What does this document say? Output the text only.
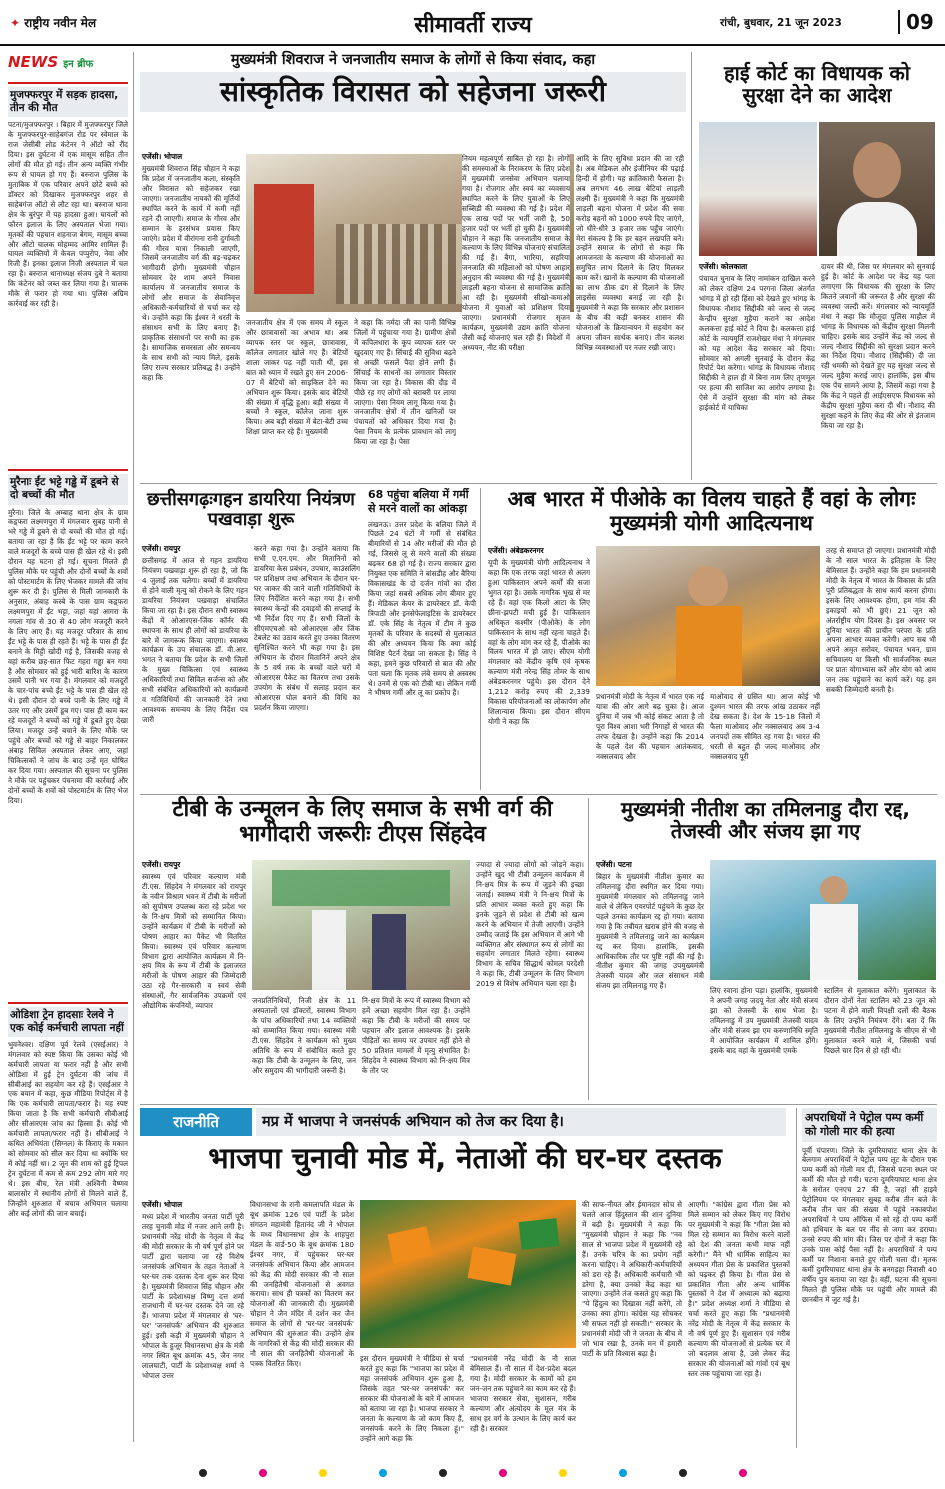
✦ राष्ट्रीय नवीन मेल	सीमावर्ती राज्य	रांची, बुधवार, 21 जून 2023	09
NEWS इन ब्रीफ
मुजफ्फरपुर में सड़क हादसा, तीन की मौत
पटना/मुजफ्फरपुर । बिहार में मुजफ्फरपुर जिले के मुजफ्फरपुर-साहेबगंज रोड पर स्वेमाल के राज जेसीबी लोड कंटेनर ने ऑटो को रौंद दिया। इस दुर्घटना में एक मासूम सहित तीन लोगों की मौत हो गई। तीन अन्य व्यक्ति गंभीर रूप से घायल हो गए हैं। बरुराज पुलिस के मुताबिक में एक परिवार अपने छोटे बच्चे को डॉक्टर को दिखाकर मुजफ्फरपुर शहर से साहेबगंज ऑटो से लौट रहा था। बरुराज थाना क्षेत्र के बुरंपुर में यह हादसा हुआ। घायलों को फौरन इलाज के लिए अस्पताल भेजा गया। मृतकों की पहचान शहनाज बेगम, मासूम बच्चा और ऑटो चालक मोहम्मद आमिर शामिल हैं। घायल व्यक्तियों में केवल पप्पुरोप, नेवा और रिजी हैं। इनका इलाज निजी अस्पताल में चल रहा है। बरुराज थानाध्यक्ष संजय दुबे ने बताया कि कंटेनर को जब्त कर लिया गया है। चालक मौके से फरार हो गया था। पुलिस अग्रिम कार्रवाई कर रही है।
मुरैनाः ईंट भट्टे गड्ढे में डूबने से दो बच्चों की मौत
मुरैना। जिले के अम्बाह थाना क्षेत्र के ग्राम कड़्फरा लक्ष्मणपुरा में मंगलवार सुबह पानी से भरे गड्ढे में डूबने से दो बच्चों की मौत हो गई। बताया जा रहा है कि ईंट भट्टे पर काम करने वाले मजदूरों के बच्चे पास ही खेल रहे थे। इसी दौरान यह घटना हो गई। सूचना मिलते ही पुलिस मौके पर पहुंची और दोनों बच्चों के शवों को पोस्टमार्टम के लिए भेजकर मामले की जांच शुरू कर दी है। पुलिस से मिली जानकारी के अनुसार, अंबाह कस्बे के पास ग्राम कड़्फरा लक्ष्मणपुरा में ईंट भट्टा, जहां यहां आगरा के नगला गांव से 30 से 40 लोग मजदूरी करने के लिए आए हैं। यह मजदूर परिवार के साथ ईंट भट्टे के पास ही रहते हैं। भट्टे के पास ही ईंट बनाने के मिट्टी खोदी गई है, जिसकी वजह से वहां करीब छह-सात फिट गहरा गड्ढा बन गया है और सोमवार को हुई भारी बारिश के कारण उसमें पानी भर गया है। मंगलवार को मजदूरों के चार-पांच बच्चे ईंट भट्टे के पास ही खेल रहे थे। इसी दौरान दो बच्चे पानी के लिए गड्ढे में उतर गए और उसमें डूब गए। पास ही काम कर रहे मजदूरों ने बच्चों को गड्ढे में डूबते हुए देखा लिया। मजदूर उन्हें बचाने के लिए मौके पर पहुंचे और बच्चों को गड्ढे से बाहर निकालकर अंबाह सिविल अस्पताल लेकर आए, जहां चिकित्सकों ने जांच के बाद उन्हें मृत घोषित कर दिया गया। अस्पताल की सूचना पर पुलिस ने मौके पर पहुंचकर पंचनामा की कार्रवाई और दोनों बच्चों के शवों को पोस्टमार्टम के लिए भेज दिया।
ओडिशा ट्रेन हादसाः रेलवे ने एक कोई कर्मचारी लापता नहीं
भुवनेश्वर। दक्षिण पूर्व रेलवे (एसईआर) ने मंगलवार को स्पष्ट किया कि उसका कोई भी कर्मचारी लापता या फरार नहीं है और सभी ओडिशा में हुई ट्रेन दुर्घटना की जांच में सीबीआई का सहयोग कर रहे हैं। एसईआर ने एक बयान में कहा, कुछ मीडिया रिपोर्ट्स में है कि एक कर्मचारी लापता/फरार है। यह स्पष्ट किया जाता है कि सभी कर्मचारी सीबीआई और सीआरएस जांच का हिस्सा हैं। कोई भी कर्मचारी लापता/फरार नहीं है। सीबीआई ने कथित अभियंता (सिग्नल) के किराए के मकान को सोमवार को सील कर दिया था क्योंकि घर में कोई नहीं था। 2 जून की शाम को हुई ट्रिपल ट्रेन दुर्घटना में कम से कम 292 लोग मारे गए थे। इस बीच, रेल मंत्री अश्विनी वैष्णव बालासोर में स्थानीय लोगों से मिलने वाले हैं, जिन्होंने शुरुआत में बचाव अभियान चलाया और कई लोगों की जान बचाई।
मुख्यमंत्री शिवराज ने जनजातीय समाज के लोगों से किया संवाद, कहा
सांस्कृतिक विरासत को सहेजना जरूरी
एजेंसी। भोपाल
मुख्यमंत्री शिवराज सिंह चौहान ने कहा कि प्रदेश में जनजातीय कला, संस्कृति और विरासत को सहेजकर रखा जाएगा। जनजातीय नायकों की मूर्तियों स्थापित करने के कार्य में कमी नहीं रहने दी जाएगी। समाज के गौरव और सम्मान के हरसंभव प्रयास किए जाएंगे। प्रदेश में वीरांगना रानी दुर्गावती की गौरव यात्रा निकाली जाएगी, जिसमें जनजातीय वर्ग की बड़-चढ़कर भागीदारी होगी। मुख्यमंत्री चौहान सोमवार देर शाम अपने निवास कार्यालय में जनजातीय समाज के लोगों और समाज के सेवानिवृत्त अधिकारी-कर्मचारियों से चर्चा कर रहे थे। उन्होंने कहा कि ईश्वर ने धरती के संसाधन सभी के लिए बनाए हैं। प्राकृतिक संसाधनों पर सभी का हक है। सामाजिक समरसता और समन्वय के साथ सभी को न्याय मिले, इसके लिए राज्य सरकार प्रतिबद्ध है। उन्होंने कहा कि
जनजातीय क्षेत्र में एक समय में स्कूल और छात्रावासों का अभाव था। अब व्यापक स्तर पर स्कूल, छात्रावास, कॉलेज लगातार खोले गए हैं। बेटियों शाला जाकर पढ़ नहीं पाती थीं, इस बात को ध्यान में रखते हुए सन 2006-07 में बेटियों को साइकिल देने का अभियान शुरू किया। इसके बाद बेटियों की संख्या में वृद्धि हुआ। बड़ी संख्या में बच्चों ने स्कूल, कॉलेज जाना शुरू किया। अब बड़ी संख्या में बेटा-बेटी उच्च शिक्षा प्राप्त कर रहे हैं। मुख्यमंत्री
ने कहा कि नर्मदा जी का पानी विभिन्न जिलों में पहुंचाया गया है। ग्रामीण क्षेत्रों में कपिलधारा के कूप व्यापक स्तर पर खुदवाए गए हैं। सिंचाई की सुविधा बढ़ने से अच्छी फसलें पैदा होने लगी हैं। सिंचाई के साधनों का लगातार विस्तार किया जा रहा है। विकास की दौड़ में पीछे रह गए लोगों को बराबरी पर लाया जाएगा। पेसा नियम लागू किया गया है। जनजातीय क्षेत्रों में तीन खनिजों पर पंचायतों को अधिकार दिया गया है। पेसा नियम के प्रत्येक प्रावधान को लागू किया जा रहा है। पेसा
नियम महत्वपूर्ण साबित हो रहा है। लोगों की समस्याओं के निराकरण के लिए प्रदेश में मुख्यमंत्री जनसेवा अभियान चलाया गया है। रोजगार और स्वयं का व्यवसाय स्थापित करने के लिए युवाओं के लिए सब्सिडी की व्यवस्था की गई है। प्रदेश में एक लाख पदों पर भर्ती जारी है, 50 हजार पदों पर भर्ती हो चुकी है। मुख्यमंत्री चौहान ने कहा कि जनजातीय समाज के कल्याण के लिए विभिन्न योजनाएं संचालित की गई हैं। बैगा, भारिया, सहरिया जनजाति की महिलाओं को पोषण आहार अनुदान की व्यवस्था की गई है। मुख्यमंत्री लाड़ली बहना योजना से सामाजिक क्रांति आ रही है। मुख्यमंत्री सीखो-कमाओ योजना में युवाओं को प्रशिक्षण दिया जाएगा। प्रधानमंत्री रोजगार सृजन कार्यक्रम, मुख्यमंत्री उद्यम क्रांति योजना जैसी कई योजनाएं चल रही हैं। विदेशों में अध्ययन, नीट की परीक्षा
आदि के लिए सुविधा प्रदान की जा रही है। अब मेडिकल और इंजीनियर की पढ़ाई हिन्दी में होगी। यह क्रांतिकारी फैसला है। अब लगभग 46 लाख बेटियां लाड़ली लक्ष्मी हैं। मुख्यमंत्री ने कहा कि मुख्यमंत्री लाड़ली बहना योजना में प्रदेश की सवा करोड़ बहनों को 1000 रुपये दिए जाएंगे, जो धीरे-धीरे 3 हजार तक पहुँच जाएंगे। मेरा संकल्प है कि हर बहन लखपति बने। उन्होंने समाज के लोगों से कहा कि आमजनता के कल्याण की योजनाओं का समुचित लाभ दिलाने के लिए मिलकर काम करें। खानों के कल्याण की योजनाओं का लाभ ठीक ढंग से दिलाने के लिए लाइसेंस व्यवस्था बनाई जा रही है। मुख्यमंत्री ने कहा कि सरकार और प्रशासन के बीच की कड़ी बनकर शासन की योजनाओं के क्रियान्वयन में सहयोग कर अपना जीवन सार्थक बनाएं। तीन कलश विभिन्न व्यवस्थाओं पर नजर रखी जाए।
हाई कोर्ट का विधायक को सुरक्षा देने का आदेश
एजेंसी। कोलकाता
पंचायत चुनाव के लिए नामांकन दाखिल करने को लेकर दक्षिण 24 परगना जिला अंतर्गत भांगड़ में हो रही हिंसा को देखते हुए भांगड़ के विधायक नौशाद सिद्दीकी को जल्द से जल्द केन्द्रीय सुरक्षा मुहैया कराने का आदेश कलकत्ता हाई कोर्ट ने दिया है। कलकत्ता हाई कोर्ट के न्यायमूर्ति राजशेखर मंथा ने मंगलवार को यह आदेश केंद्र सरकार को दिया। सोमवार को अगली सुनवाई के दौरान केंद्र रिपोर्ट पेश करेगा। भांगड़ के विधायक नौशाद सिद्दीकी ने हाल ही में बिना नाम लिए तृणमूल पर हत्या की साजिश का आरोप लगाया है। ऐसे में उन्होंने सुरक्षा की मांग को लेकर हाईकोर्ट में याचिका
दायर की थी, जिस पर मंगलवार को सुनवाई हुई है। कोर्ट के आदेश पर केंद्र यह पता लगाएगा कि विधायक की सुरक्षा के लिए कितने जवानों की जरूरत है और सुरक्षा की व्यवस्था जल्दी करें। मंगलवार को न्यायमूर्ति मंथा ने कहा कि मौजूदा पुलिस माहौल में भांगड़ के विधायक को केंद्रीय सुरक्षा मिलनी चाहिए। इसके बाद उन्होंने केंद्र को जल्द से जल्द नौशाद सिद्दीकी को सुरक्षा प्रदान करने का निर्देश दिया। नौशाद (सिद्दीकी) दी जा रही धमकी को देखते हुए यह सुरक्षा जल्द से जल्द मुहैया कराई जाए। हालांकि, इस बीच एक पेंच सामने आया है, जिसमें कहा गया है कि केंद्र ने पहले ही आईएसएफ विधायक को केंद्रीय सुरक्षा मुहैया करा दी थी। नौशाद की सुरक्षा कहने के लिए केंद्र की ओर से इंतजाम किया जा रहा है।
छत्तीसगढ़ःगहन डायरिया नियंत्रण पखवाड़ा शुरू
एजेंसी। रायपुर
छत्तीसगढ़ में आज से गहन डायरिया नियंत्रण पखवाड़ा शुरू हो रहा है, जो कि 4 जुलाई तक चलेगा। बच्चों में डायरिया से होने वाली मृत्यु को रोकने के लिए गहन डायरिया नियंत्रण पखवाड़ा संचालित किया जा रहा है। इस दौरान सभी स्वास्थ्य केंद्रों में ओआरएस-जिंक कॉर्नर की स्थापना के साथ ही लोगों को डायरिया के बारे में जागरूक किया जाएगा। स्वास्थ्य कार्यक्रम के उप संचालक डॉ. वी.आर. भगत ने बताया कि प्रदेश के सभी जिलों के मुख्य चिकित्सा एवं स्वास्थ्य अधिकारियों तथा सिविल सर्जन्स को और सभी संबंधित अधिकारियों को कार्यक्रमों व गतिविधियों की जानकारी देने तथा आवश्यक समन्वय के लिए निर्देश पत्र जारी
करने कहा गया है। उन्होंने बताया कि सभी ए.एन.एम. और मितानिनों को डायरिया केस प्रबंधन, उपचार, काउंसलिंग पर प्रशिक्षण तथा अभियान के दौरान घर-घर जाकर की जाने वाली गतिविधियों के लिए निर्देशित करने कहा गया है। सभी स्वास्थ्य केन्द्रों की दवाइयों की सप्लाई के भी निर्देश दिए गए हैं। सभी जिलों के सीएमएचओ को ओआरएस और जिंक टेबलेट का उठाव करते हुए उनका वितरण सुनिश्चित करने भी कहा गया है। इस अभियान के दौरान मितानिनें अपने क्षेत्र के 5 वर्ष तक के बच्चों वाले घरों में ओआरएस पैकेट का वितरण तथा उसके उपयोग के संबंध में सलाह प्रदान कर ओआरएस घोल बनाने की विधि का प्रदर्शन किया जाएगा।
68 पहुंचा बलिया में गर्मी से मरने वालों का आंकड़ा
लखनऊ। उत्तर प्रदेश के बलिया जिले में पिछले 24 घंटों में गर्मी से संबंधित बीमारियों से 14 और मरीजों की मौत हो गई, जिससे लू से मरने वालों की संख्या बढ़कर 68 हो गई है। राज्य सरकार द्वारा नियुक्त एक समिति ने बांसडीह और बैरिया विकासखंड के दो दर्जन गांवों का दौरा किया जहां सबसे अधिक लोग बीमार हुए हैं। मेडिकल केयर के डायरेक्टर डॉ. केपी त्रिपाठी और इनसेफेलाइटिस के डायरेक्टर डॉ. एके सिंह के नेतृत्व में टीम ने कुछ मृतकों के परिवार के सदस्यों से मुलाकात की और अध्ययन किया कि क्या कोई विशिष्ट पैटर्न देखा जा सकता है। सिंह ने कहा, हमने कुछ परिवारों से बात की और पता चला कि मृतक लंबे समय से अस्वस्थ थे। उनमें से एक को टीबी था। लेकिन गर्मी ने भीषण गर्मी और लू का प्रकोप है।
अब भारत में पीओके का विलय चाहते हैं वहां के लोगः मुख्यमंत्री योगी आदित्यनाथ
एजेंसी। अंबेडकरनगर
यूपी के मुख्यमंत्री योगी आदित्यनाथ ने कहा कि एक तरफ जहां भारत से अलग हुआ पाकिस्तान अपने कर्मों की सजा भुगत रहा है। उसके नागरिक भूख से मर रहे हैं। वहां एक किलो आटा के लिए छीना-झपटी मची हुई है। पाकिस्तान अधिकृत कश्मीर (पीओके) के लोग पाकिस्तान के साथ नहीं रहना चाहते हैं। वहां के लोग मांग कर रहे हैं, पीओके का विलय भारत में हो जाए। सीएम योगी मंगलवार को केंद्रीय कृषि एवं कृषक कल्याण मंत्री नरेन्द्र सिंह तोमर के साथ अंबेडकरनगर पहुंचे। इस दौरान देने 1,212 करोड़ रुपए की 2,339 विकास परियोजनाओं का लोकार्पण और शिलान्यास किया। इस दौरान सीएम योगी ने कहा कि
प्रधानमंत्री मोदी के नेतृत्व में भारत एक नई यात्रा की ओर आगे बढ़ चुका है। आज दुनिया में जब भी कोई संकट आता है तो पूरा विश्व आशा भरी निगाहों से भारत की तरफ देखता है। उन्होंने कहा कि 2014 के पहले देश की पहचान आतंकवाद, नक्सलवाद और
माओवाद से ग्रसित था। आज कोई भी दुश्मन भारत की तरफ आंख उठाकर नहीं देख सकता है। देश के 15-18 जिलों में फैला माओवाद और नक्सलवाद अब 3-4 जनपदों तक सीमित रह गया है। भारत की धरती से बहुत ही जल्द माओवाद और नक्सलवाद पूरी
तरह से समाप्त हो जाएगा। प्रधानमंत्री मोदी के नौ साल भारत के इतिहास के लिए बेमिसाल हैं। उन्होंने कहा कि हम प्रधानमंत्री मोदी के नेतृत्व में भारत के विकास के प्रति पूरी प्रतिबद्धता के साथ कार्य करना होगा। इसके लिए आवश्यक होगा, हम गांव की इकाइयों को भी छुएं। 21 जून को अंतर्राष्ट्रीय योग दिवस है। इस अवसर पर दुनिया भारत की प्राचीन परंपरा के प्रति अपना आभार व्यक्त करेगी। आप सब भी अपने अमृत सरोवर, पंचायत भवन, ग्राम सचिवालय या किसी भी सार्वजनिक स्थल पर प्रातः योगाभ्यास करें और योग को आम जन तक पहुंचाने का कार्य करें। यह हम सबकी जिम्मेदारी बनती है।
टीबी के उन्मूलन के लिए समाज के सभी वर्ग की भागीदारी जरूरीः टीएस सिंहदेव
एजेंसी। रायपुर
स्वास्थ्य एवं परिवार कल्याण मंत्री टी.एस. सिंहदेव ने मंगलवार को रायपुर के नवीन विश्राम भवन में टीबी के मरीजों को सुपोषण उपलब्ध करा रहे प्रदेश भर के नि-क्षय मित्रों को सम्मानित किया। उन्होंने कार्यक्रम में टीबी के मरीजों को पोषण आहार का पैकेट भी वितरित किया। स्वास्थ्य एवं परिवार कल्याण विभाग द्वारा आयोजित कार्यक्रम में नि-क्षय मित्र के रूप में टीबी के इलाजरत मरीजों के पोषण आहार की जिम्मेदारी उठा रहे गैर-सरकारी व स्वयं सेवी संस्थाओं, गैर सार्वजनिक उपक्रमों एवं औद्योगिक कंपनियों, व्यापार
जनप्रतिनिधियों, निजी क्षेत्र के 11 अस्पतालों एवं डॉक्टरों, स्वास्थ्य विभाग के पांच अधिकारियों तथा 14 व्यक्तियों को सम्मानित किया गया। स्वास्थ्य मंत्री टी.एस. सिंहदेव ने कार्यक्रम को मुख्य अतिथि के रूप में संबोधित करते हुए कहा कि टीबी के उन्मूलन के लिए, जन और समुदाय की भागीदारी जरूरी है।
नि-क्षय मित्रों के रूप में स्वास्थ्य विभाग को हमें अच्छा सहयोग मिल रहा है। उन्होंने कहा कि टीबी के मरीजों की समय पर पहचान और इलाज आवश्यक है। इसके पीड़ितों का समय पर उपचार नहीं होने से 50 प्रतिशत मामलों में मृत्यु संभावित है। सिंहदेव ने स्वास्थ्य विभाग को नि-क्षय मित्र के तौर पर
ज्यादा से ज्यादा लोगों को जोड़ने कहा। उन्होंने खुद भी टीबी उन्मूलन कार्यक्रम में नि-क्षय मित्र के रूप में जुड़ने की इच्छा जताई। स्वास्थ्य मंत्री ने नि-क्षय मित्रों के प्रति आभार व्यक्त करते हुए कहा कि इनके जुड़ने से प्रदेश से टीबी को खत्म करने के अभियान में तेजी आएगी। उन्होंने उम्मीद जताई कि इस अभियान में आगे भी व्यक्तिगत और संस्थागत रूप से लोगों का सहयोग लगातार मिलते रहेगा। स्वास्थ्य विभाग के सचिव सिद्धार्थ कोमल परदेशी ने कहा कि, टीबी उन्मूलन के लिए विभाग 2019 से विशेष अभियान चला रहा है।
मुख्यमंत्री नीतीश का तमिलनाडु दौरा रद्द, तेजस्वी और संजय झा गए
एजेंसी। पटना
बिहार के मुख्यमंत्री नीतीश कुमार का तमिलनाडु दौरा स्थगित कर दिया गया। मुख्यमंत्री मंगलवार को तमिलनाडु जाने वाले थे लेकिन एयरपोर्ट पहुंचने के कुछ देर पहले उनका कार्यक्रम रद्द हो गया। बताया गया है कि तबीयत खराब होने की वजह से मुख्यमंत्री ने तमिलनाडु जाने का कार्यक्रम रद्द कर दिया। हालांकि, इसकी आधिकारिक तौर पर पुष्टि नहीं की गई है। नीतीश कुमार की जगह उपमुख्यमंत्री तेजस्वी यादव और जल संसाधन मंत्री संजय झा तमिलनाडु गए हैं।
लिए रवाना होना पड़ा। हालांकि, मुख्यमंत्री ने अपनी जगह जदयू नेता और मंत्री संजय झा को तेजस्वी के साथ भेजा है। तमिलनाडु में उप मुख्यमंत्री तेजस्वी यादव और मंत्री संजय झा एम करुणानिधि स्मृति में आयोजित कार्यक्रम में शामिल होंगे। इसके बाद वहां के मुख्यमंत्री एमके
स्टालिन से मुलाकात करेंगे। मुलाकात के दौरान दोनों नेता स्टालिन को 23 जून को पटना में होने वाली विपक्षी दलों की बैठक के लिए उन्होंने निमंत्रण देंगे। बता दें कि मुख्यमंत्री नीतीश तमिलनाडु के सीएम से भी मुलाकात करने वाले थे, जिसकी चर्चा पिछले चार दिन से हो रही थी।
राजनीति	मप्र में भाजपा ने जनसंपर्क अभियान को तेज कर दिया है।
भाजपा चुनावी मोड में, नेताओं की घर-घर दस्तक
एजेंसी। भोपाल
मध्य प्रदेश में भारतीय जनता पार्टी पूरी तरह चुनावी मोड में नजर आने लगी है। प्रधानमंत्री नरेंद्र मोदी के नेतृत्व में केंद्र की मोदी सरकार के नौ वर्ष पूर्ण होने पर पार्टी द्वारा चलाया जा रहे विशेष जनसंपर्क अभियान के तहत नेताओं ने घर-घर तक दस्तक देना शुरू कर दिया है। मुख्यमंत्री शिवराज सिंह चौहान और पार्टी के प्रदेशाध्यक्ष विष्णु दत्त शर्मा राजधानी में घर-घर दस्तक देने जा रहे हैं। भाजपा प्रदेश में मंगलवार से 'घर-घर' 'जनसंपर्क' अभियान की शुरुआत हुई। इसी कड़ी में मुख्यमंत्री चौहान ने भोपाल के हुजूर विधानसभा क्षेत्र के मंत्री नगर स्थित बूथ क्रमांक 45, जैन नगर लालघाटी, पार्टी के प्रदेशाध्यक्ष शर्मा ने भोपाल उत्तर
विधानसभा के रानी कमलापति मंडल के बूथ क्रमांक 126 एवं पार्टी के प्रदेश संगठन महामंत्री हितानंद जी ने भोपाल के मध्य विधानसभा क्षेत्र के शाहपुरा मंडल के वार्ड-50 के बूथ क्रमांक 180 ईश्वर नगर, में पहुंचकर घर-घर जनसंपर्क अभियान किया और आमजन को केंद्र की मोदी सरकार की नौ साल की जनहितैषी योजनाओं से अवगत कराया। साथ ही पत्रकों का वितरण कर योजनाओं की जानकारी दी। मुख्यमंत्री चौहान ने जैन मंदिर में दर्शन कर जैन समाज के लोगों से 'घर-घर जनसंपर्क' अभियान की शुरुआत की। उन्होंने क्षेत्र के नागरिकों से केंद्र की मोदी सरकार की नौ साल की जनहितैषी योजनाओं के पत्रक वितरित किए।
इस दौरान मुख्यमंत्री ने मीडिया से चर्चा करते हुए कहा कि "भाजपा का प्रदेश में महा जनसंपर्क अभियान शुरू हुआ है, जिसके तहत 'घर-घर जनसंपर्क' कर सरकार की योजनाओं के बारे में आमजन को बताया जा रहा है। भाजपा सरकार ने जनता के कल्याण के जो काम किए हैं, जनसंपर्क करने के लिए निकला हूं।" उन्होंने आगे कहा कि
"प्रधानमंत्री नरेंद्र मोदी के नौ साल बेमिसाल हैं। नौ साल में देश-प्रदेश बदल गया है। मोदी सरकार के कामों को हम जन-जन तक पहुंचाने का काम कर रहे हैं। भाजपा सरकार सेवा, सुशासन, गरीब कल्याण और अंत्योदय के मूल मंत्र के साथ हर वर्ग के उत्थान के लिए कार्य कर रही है। सरकार
की साफ-नीयत और ईमानदार सोच से चलते आज हिंदुस्तान की शान दुनिया में बढ़ी है। मुख्यमंत्री ने कहा कि "मुख्यमंत्री चौहान ने कहा कि "नव साल से भाजपा प्रदेश में मुख्यमंत्री रहे हैं। उनके चरित्र के का प्रयोग नहीं करना चाहिए। वे अधिकारी-कर्मचारियों को डरा रहे हैं। अधिकारी कर्मचारी भी डरेगा है, क्या उनको केंद्र कहा था जाएगा। उन्होंने तंज कसते हुए कहा कि "ये हिंदुत्व का दिखावा नहीं करेंगे, तो उनका क्या होगा। कांग्रेस यह सोचकर भी सफल नहीं हो सकती।" सरकार के प्रधानमंत्री मोदी जी ने जनता के बीच में जो भाव रखा है, उनके मन में हमारी पार्टी के प्रति विश्वास बढ़ा है।
आएगी। "कांग्रेस द्वारा गीता प्रेस को मिले सम्मान को लेकर किए गए विरोध पर मुख्यमंत्री ने कहा कि "गीता प्रेस को मिल रहे सम्मान का विरोध करने वालों को देश की जनता कभी माफ नहीं करेगी।" मैंने भी धार्मिक साहित्य का अध्ययन गीता प्रेस के प्रकाशित पुस्तकों को पढ़कर ही किया है। गीता प्रेस से प्रकाशित गीता और अन्य धार्मिक पुस्तकों ने देश में अध्यात्म को बढ़ाया है।" प्रदेश अध्यक्ष शर्मा ने मीडिया से चर्चा करते हुए कहा कि "प्रधानमंत्री नरेंद्र मोदी के नेतृत्व में केंद्र सरकार के नौ वर्ष पूर्ण हुए हैं। सुशासन एवं गरीब कल्याण की योजनाओं से प्रत्येक घर में जो बदलाव आया है, उसे लेकर केंद्र सरकार की योजनाओं को गांवों एवं बूथ स्तर तक पहुंचाया जा रहा है।
अपराधियों ने पेट्रोल पम्प कर्मी को गोली मार की हत्या
पूर्वी चंपारण। जिले के दुमरियाघाट थाना क्षेत्र के बेलगाम अपराधियों ने पेट्रोल पम्प लूट के दौरान एक पम्प कर्मी को गोली मार दी, जिससे घटना स्थल पर कर्मी की मौत हो गयी। घटना दुमरियाघाट थाना क्षेत्र के सरोतर एनएच 27 की है, जहां सी हाइवे पेट्रोलियम पर मंगलवार सुबह करीब तीन बजे के करीब तीन चार की संख्या में पहुंचे नकाबपोश अपराधियों ने पम्प ऑफिस में सो रहे दो पम्प कर्मी को हथियार के बल पर नींद से जगा कर डराया। उनसे रुपए की मांग की। जिस पर दोनों ने कहा कि उनके पास कोई पैसा नहीं है। अपराधियों ने पम्प कर्मी पर निशाना बनाते हुए गोली चला दी। मृतक कर्मी दुमरियाघाट थाना क्षेत्र के बनगड़हा निवासी 40 वर्षीय पुत्र बताया जा रहा है। वहीं, घटना की सूचना मिलते ही पुलिस मौके पर पहुंची और मामले की छानबीन में जुट गई है।
